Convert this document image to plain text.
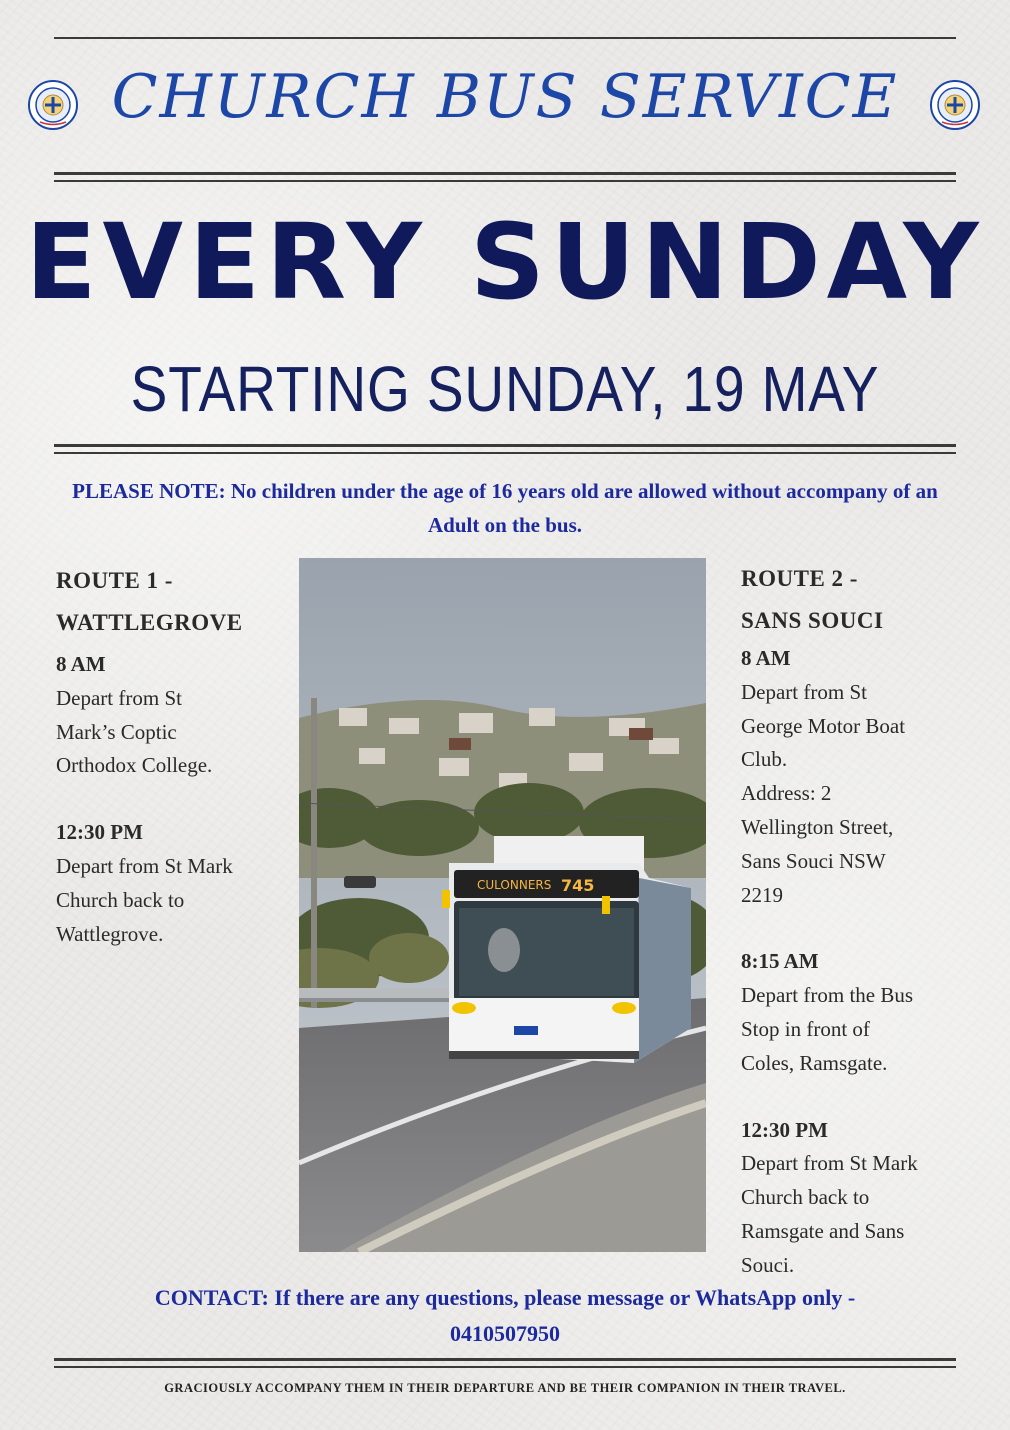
CHURCH BUS SERVICE
EVERY SUNDAY
STARTING SUNDAY, 19 MAY
PLEASE NOTE: No children under the age of 16 years old are allowed without accompany of an Adult on the bus.
ROUTE 1 -
WATTLEGROVE
8 AM
Depart from St
Mark’s Coptic
Orthodox College.
12:30 PM
Depart from St Mark
Church back to
Wattlegrove.
CULONNERS 745
ROUTE 2 -
SANS SOUCI
8 AM
Depart from St
George Motor Boat
Club.
Address: 2
Wellington Street,
Sans Souci NSW
2219
8:15 AM
Depart from the Bus
Stop in front of
Coles, Ramsgate.
12:30 PM
Depart from St Mark
Church back to
Ramsgate and Sans
Souci.
CONTACT: If there are any questions, please message or WhatsApp only -
0410507950
GRACIOUSLY ACCOMPANY THEM IN THEIR DEPARTURE AND BE THEIR COMPANION IN THEIR TRAVEL.
